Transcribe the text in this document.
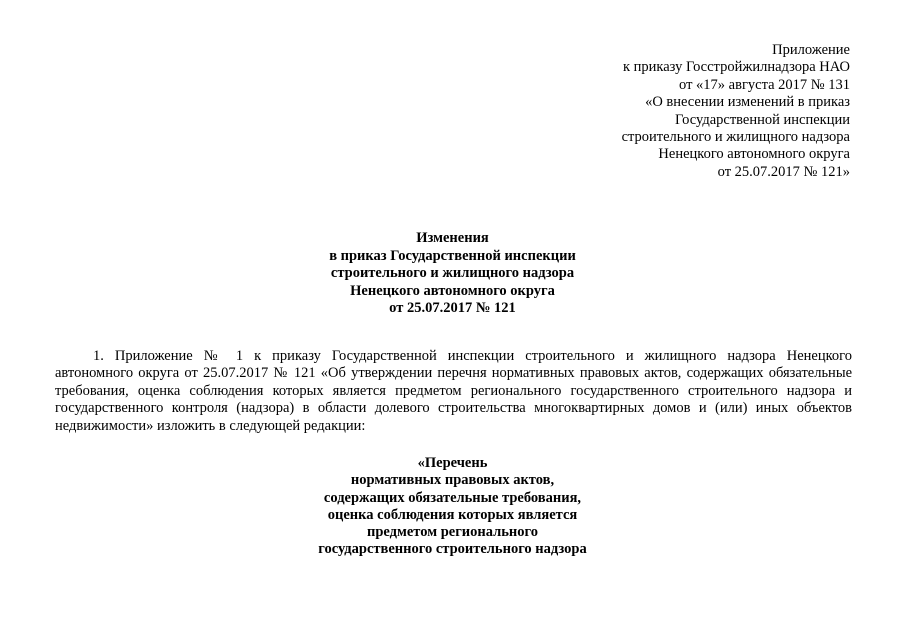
Приложение
к приказу Госстройжилнадзора НАО
от «17» августа 2017 № 131
«О внесении изменений в приказ
Государственной инспекции
строительного и жилищного надзора
Ненецкого автономного округа
от 25.07.2017 № 121»
Изменения
в приказ Государственной инспекции
строительного и жилищного надзора
Ненецкого автономного округа
от 25.07.2017 № 121
1. Приложение № 1 к приказу Государственной инспекции строительного и жилищного надзора Ненецкого
автономного округа от 25.07.2017 № 121 «Об утверждении перечня нормативных правовых актов, содержащих обязательные
требования, оценка соблюдения которых является предметом регионального государственного строительного надзора и
государственного контроля (надзора) в области долевого строительства многоквартирных домов и (или) иных объектов
недвижимости» изложить в следующей редакции:
«Перечень
нормативных правовых актов,
содержащих обязательные требования,
оценка соблюдения которых является
предметом регионального
государственного строительного надзора
